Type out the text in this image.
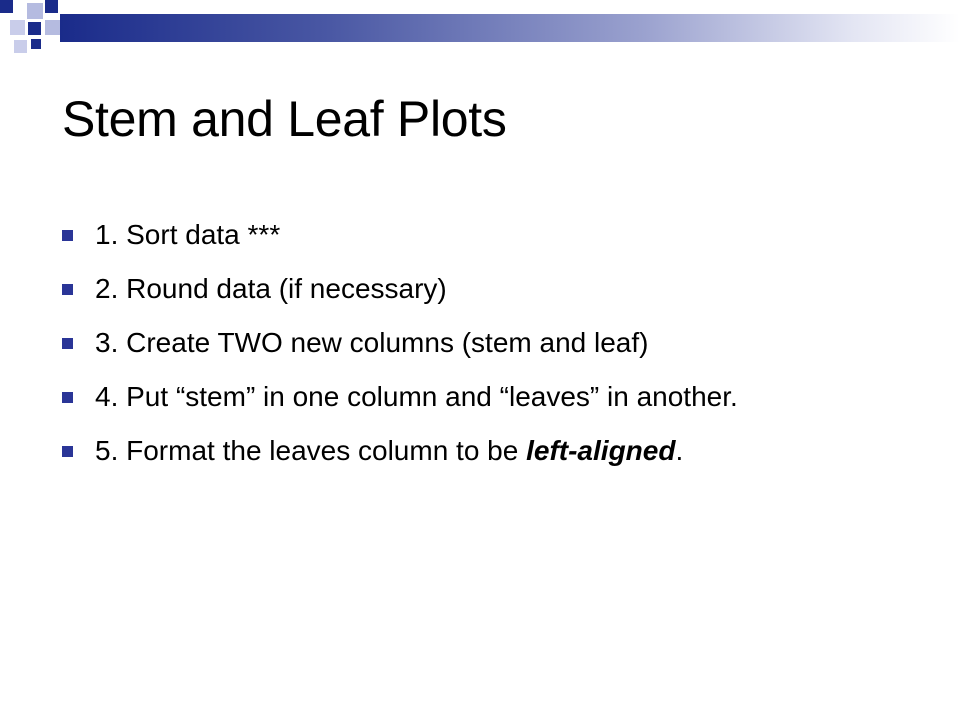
Stem and Leaf Plots
1. Sort data ***
2. Round data (if necessary)
3. Create TWO new columns (stem and leaf)
4. Put “stem” in one column and “leaves” in another.
5. Format the leaves column to be left-aligned.
